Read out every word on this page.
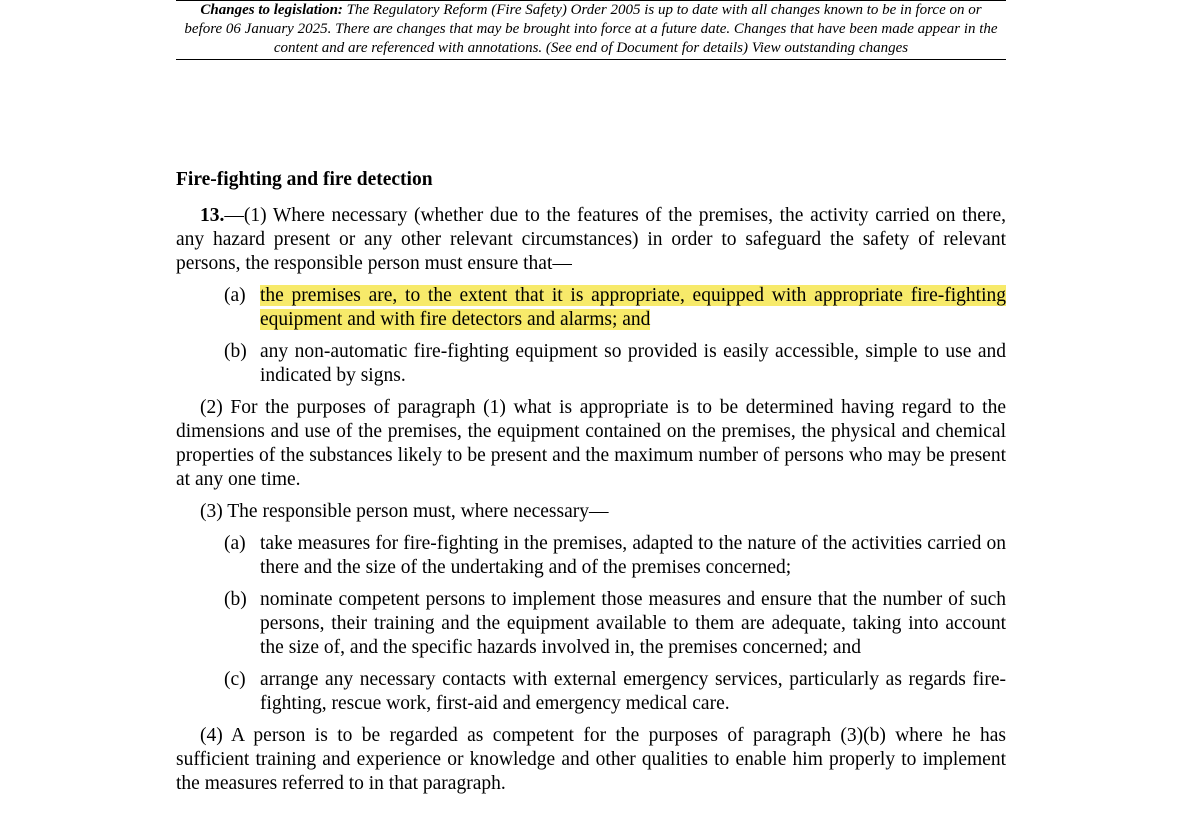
Changes to legislation: The Regulatory Reform (Fire Safety) Order 2005 is up to date with all changes known to be in force on or before 06 January 2025. There are changes that may be brought into force at a future date. Changes that have been made appear in the content and are referenced with annotations. (See end of Document for details) View outstanding changes
Fire-fighting and fire detection

13.—(1) Where necessary (whether due to the features of the premises, the activity carried on there, any hazard present or any other relevant circumstances) in order to safeguard the safety of relevant persons, the responsible person must ensure that—

(a) the premises are, to the extent that it is appropriate, equipped with appropriate fire-fighting equipment and with fire detectors and alarms; and
(b) any non-automatic fire-fighting equipment so provided is easily accessible, simple to use and indicated by signs.

(2) For the purposes of paragraph (1) what is appropriate is to be determined having regard to the dimensions and use of the premises, the equipment contained on the premises, the physical and chemical properties of the substances likely to be present and the maximum number of persons who may be present at any one time.

(3) The responsible person must, where necessary—

(a) take measures for fire-fighting in the premises, adapted to the nature of the activities carried on there and the size of the undertaking and of the premises concerned;
(b) nominate competent persons to implement those measures and ensure that the number of such persons, their training and the equipment available to them are adequate, taking into account the size of, and the specific hazards involved in, the premises concerned; and
(c) arrange any necessary contacts with external emergency services, particularly as regards fire-fighting, rescue work, first-aid and emergency medical care.

(4) A person is to be regarded as competent for the purposes of paragraph (3)(b) where he has sufficient training and experience or knowledge and other qualities to enable him properly to implement the measures referred to in that paragraph.
